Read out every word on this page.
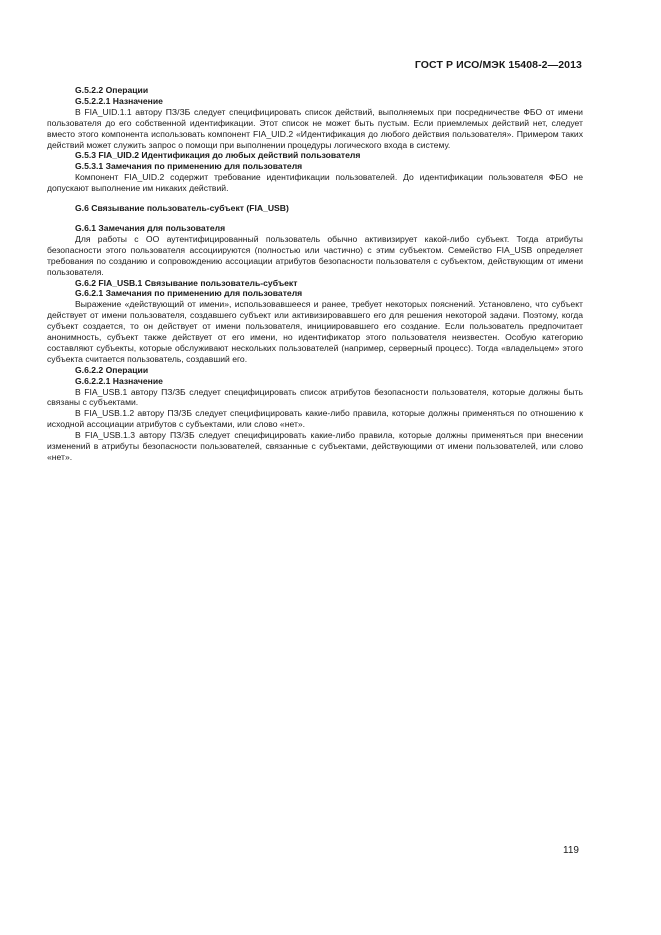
ГОСТ Р ИСО/МЭК 15408-2—2013
G.5.2.2 Операции
G.5.2.2.1 Назначение
В FIA_UID.1.1 автору ПЗ/ЗБ следует специфицировать список действий, выполняемых при посредничестве ФБО от имени пользователя до его собственной идентификации. Этот список не может быть пустым. Если приемлемых действий нет, следует вместо этого компонента использовать компонент FIA_UID.2 «Идентификация до любого действия пользователя». Примером таких действий может служить запрос о помощи при выполнении процедуры логического входа в систему.
G.5.3 FIA_UID.2 Идентификация до любых действий пользователя
G.5.3.1 Замечания по применению для пользователя
Компонент FIA_UID.2 содержит требование идентификации пользователей. До идентификации пользователя ФБО не допускают выполнение им никаких действий.
G.6 Связывание пользователь-субъект (FIA_USB)
G.6.1 Замечания для пользователя
Для работы с ОО аутентифицированный пользователь обычно активизирует какой-либо субъект. Тогда атрибуты безопасности этого пользователя ассоциируются (полностью или частично) с этим субъектом. Семейство FIA_USB определяет требования по созданию и сопровождению ассоциации атрибутов безопасности пользователя с субъектом, действующим от имени пользователя.
G.6.2 FIA_USB.1 Связывание пользователь-субъект
G.6.2.1 Замечания по применению для пользователя
Выражение «действующий от имени», использовавшееся и ранее, требует некоторых пояснений. Установлено, что субъект действует от имени пользователя, создавшего субъект или активизировавшего его для решения некоторой задачи. Поэтому, когда субъект создается, то он действует от имени пользователя, инициировавшего его создание. Если пользователь предпочитает анонимность, субъект также действует от его имени, но идентификатор этого пользователя неизвестен. Особую категорию составляют субъекты, которые обслуживают нескольких пользователей (например, серверный процесс). Тогда «владельцем» этого субъекта считается пользователь, создавший его.
G.6.2.2 Операции
G.6.2.2.1 Назначение
В FIA_USB.1 автору ПЗ/ЗБ следует специфицировать список атрибутов безопасности пользователя, которые должны быть связаны с субъектами.
В FIA_USB.1.2 автору ПЗ/ЗБ следует специфицировать какие-либо правила, которые должны применяться по отношению к исходной ассоциации атрибутов с субъектами, или слово «нет».
В FIA_USB.1.3 автору ПЗ/ЗБ следует специфицировать какие-либо правила, которые должны применяться при внесении изменений в атрибуты безопасности пользователей, связанные с субъектами, действующими от имени пользователей, или слово «нет».
119
